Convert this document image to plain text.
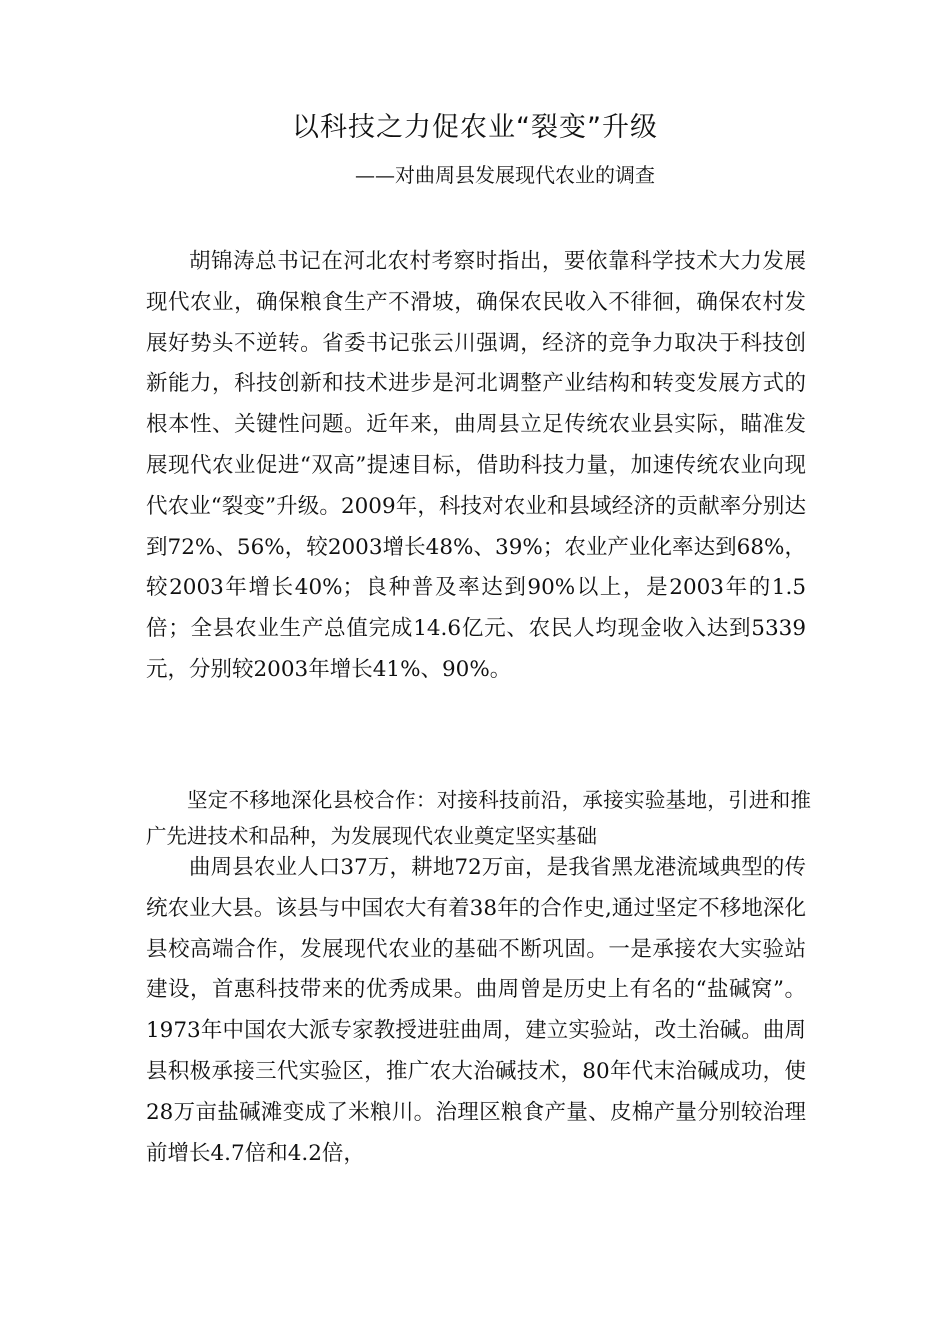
以科技之力促农业“裂变”升级
——对曲周县发展现代农业的调查

胡锦涛总书记在河北农村考察时指出，要依靠科学技术大力发展现代农业，确保粮食生产不滑坡，确保农民收入不徘徊，确保农村发展好势头不逆转。省委书记张云川强调，经济的竞争力取决于科技创新能力，科技创新和技术进步是河北调整产业结构和转变发展方式的根本性、关键性问题。近年来，曲周县立足传统农业县实际，瞄准发展现代农业促进“双高”提速目标，借助科技力量，加速传统农业向现代农业“裂变”升级。2009年，科技对农业和县域经济的贡献率分别达到72%、56%，较2003增长48%、39%；农业产业化率达到68%，较2003年增长40%；良种普及率达到90%以上，是2003年的1.5倍；全县农业生产总值完成14.6亿元、农民人均现金收入达到5339元，分别较2003年增长41%、90%。

坚定不移地深化县校合作：对接科技前沿，承接实验基地，引进和推广先进技术和品种，为发展现代农业奠定坚实基础

曲周县农业人口37万，耕地72万亩，是我省黑龙港流域典型的传统农业大县。该县与中国农大有着38年的合作史,通过坚定不移地深化县校高端合作，发展现代农业的基础不断巩固。一是承接农大实验站建设，首惠科技带来的优秀成果。曲周曾是历史上有名的“盐碱窝”。1973年中国农大派专家教授进驻曲周，建立实验站，改土治碱。曲周县积极承接三代实验区，推广农大治碱技术，80年代末治碱成功，使28万亩盐碱滩变成了米粮川。治理区粮食产量、皮棉产量分别较治理前增长4.7倍和4.2倍，
